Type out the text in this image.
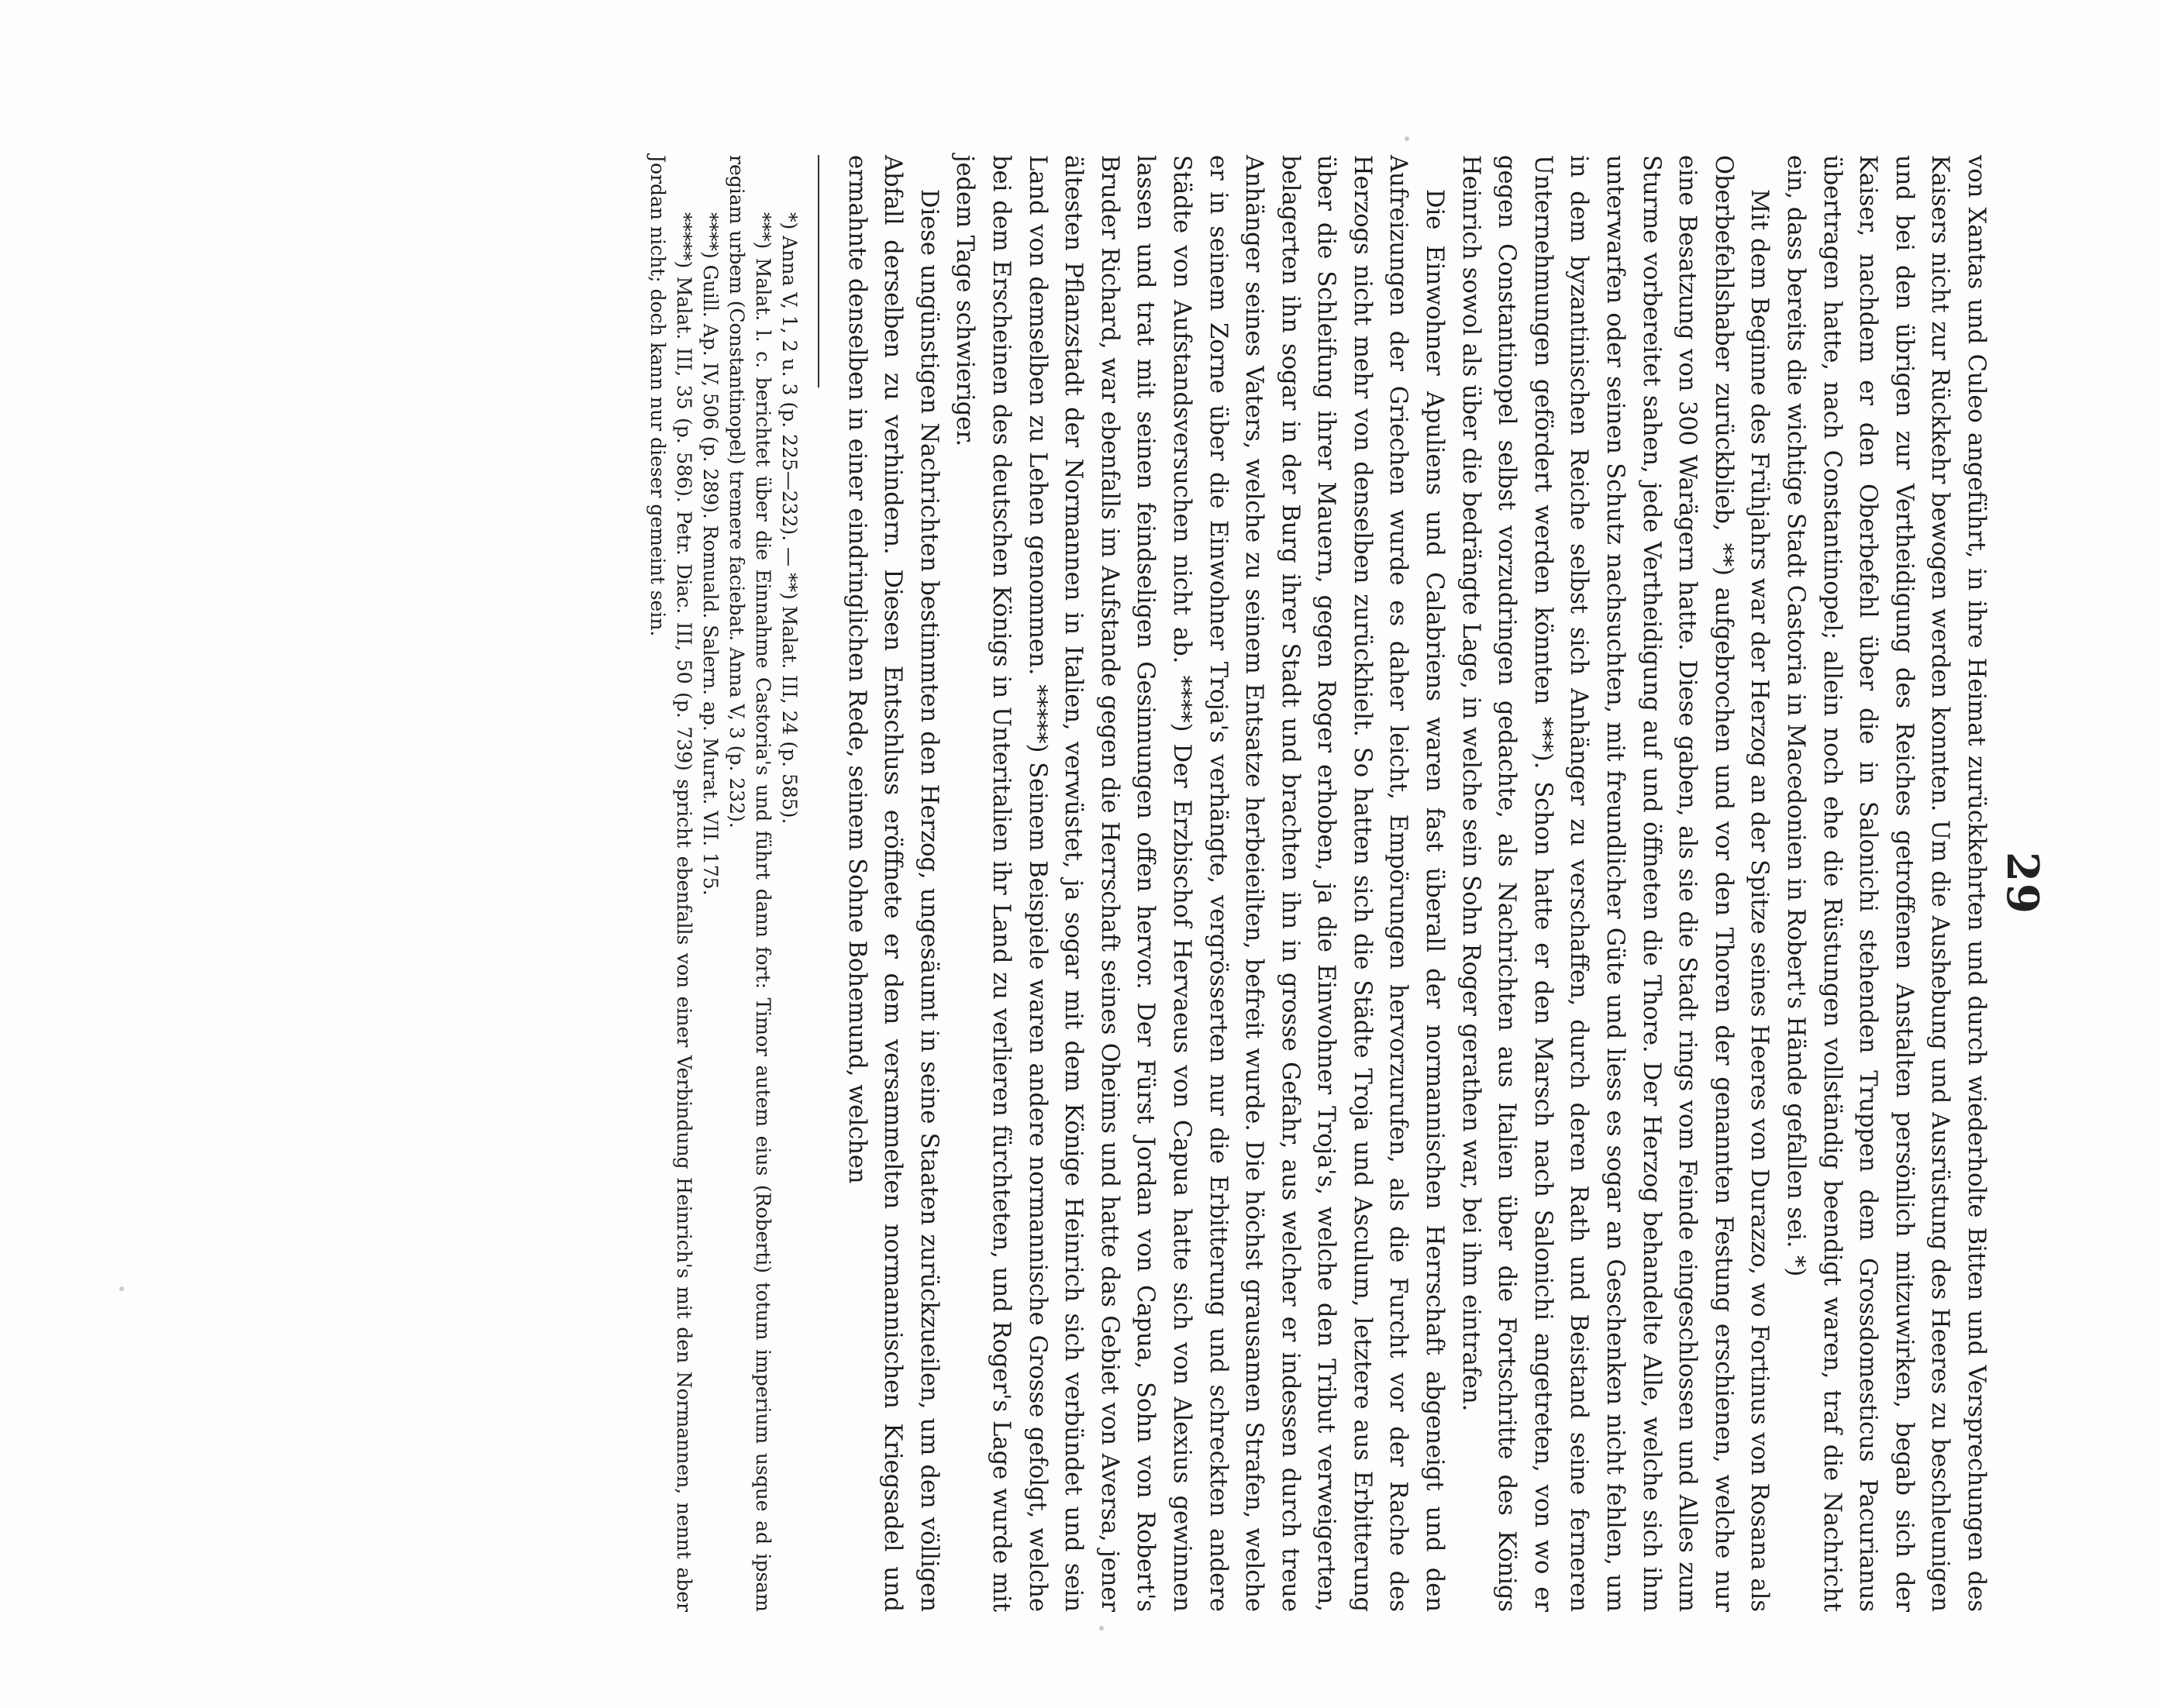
29

von Xantas und Culeo angeführt, in ihre Heimat zurückkehrten und durch wiederholte Bitten und Versprechungen des Kaisers nicht zur Rückkehr bewogen werden konnten. Um die Aushebung und Ausrüstung des Heeres zu beschleunigen und bei den übrigen zur Vertheidigung des Reiches getroffenen Anstalten persönlich mitzuwirken, begab sich der Kaiser, nachdem er den Oberbefehl über die in Salonichi stehenden Truppen dem Grossdomesticus Pacurianus übertragen hatte, nach Constantinopel; allein noch ehe die Rüstungen vollständig beendigt waren, traf die Nachricht ein, dass bereits die wichtige Stadt Castoria in Macedonien in Robert's Hände gefallen sei. *)

Mit dem Beginne des Frühjahrs war der Herzog an der Spitze seines Heeres von Durazzo, wo Fortinus von Rosana als Oberbefehlshaber zurückblieb, **) aufgebrochen und vor den Thoren der genannten Festung erschienen, welche nur eine Besatzung von 300 Warägern hatte. Diese gaben, als sie die Stadt rings vom Feinde eingeschlossen und Alles zum Sturme vorbereitet sahen, jede Vertheidigung auf und öffneten die Thore. Der Herzog behandelte Alle, welche sich ihm unterwarfen oder seinen Schutz nachsuchten, mit freundlicher Güte und liess es sogar an Geschenken nicht fehlen, um in dem byzantinischen Reiche selbst sich Anhänger zu verschaffen, durch deren Rath und Beistand seine ferneren Unternehmungen gefördert werden könnten ***). Schon hatte er den Marsch nach Salonichi angetreten, von wo er gegen Constantinopel selbst vorzudringen gedachte, als Nachrichten aus Italien über die Fortschritte des Königs Heinrich sowol als über die bedrängte Lage, in welche sein Sohn Roger gerathen war, bei ihm eintrafen.

Die Einwohner Apuliens und Calabriens waren fast überall der normannischen Herrschaft abgeneigt und den Aufreizungen der Griechen wurde es daher leicht, Empörungen hervorzurufen, als die Furcht vor der Rache des Herzogs nicht mehr von denselben zurückhielt. So hatten sich die Städte Troja und Asculum, letztere aus Erbitterung über die Schleifung ihrer Mauern, gegen Roger erhoben, ja die Einwohner Troja's, welche den Tribut verweigerten, belagerten ihn sogar in der Burg ihrer Stadt und brachten ihn in grosse Gefahr, aus welcher er indessen durch treue Anhänger seines Vaters, welche zu seinem Entsatze herbeieilten, befreit wurde. Die höchst grausamen Strafen, welche er in seinem Zorne über die Einwohner Troja's verhängte, vergrösserten nur die Erbitterung und schreckten andere Städte von Aufstandsversuchen nicht ab. ****) Der Erzbischof Hervaeus von Capua hatte sich von Alexius gewinnen lassen und trat mit seinen feindseligen Gesinnungen offen hervor. Der Fürst Jordan von Capua, Sohn von Robert's Bruder Richard, war ebenfalls im Aufstande gegen die Herrschaft seines Oheims und hatte das Gebiet von Aversa, jener ältesten Pflanzstadt der Normannen in Italien, verwüstet, ja sogar mit dem Könige Heinrich sich verbündet und sein Land von demselben zu Lehen genommen. *****) Seinem Beispiele waren andere normannische Grosse gefolgt, welche bei dem Erscheinen des deutschen Königs in Unteritalien ihr Land zu verlieren fürchteten, und Roger's Lage wurde mit jedem Tage schwieriger.

Diese ungünstigen Nachrichten bestimmten den Herzog, ungesäumt in seine Staaten zurückzueilen, um den völligen Abfall derselben zu verhindern. Diesen Entschluss eröffnete er dem versammelten normannischen Kriegsadel und ermahnte denselben in einer eindringlichen Rede, seinem Sohne Bohemund, welchen

*) Anna V, 1, 2 u. 3 (p. 225—232). — **) Malat. III, 24 (p. 585).

***) Malat. l. c. berichtet über die Einnahme Castoria's und führt dann fort: Timor autem eius (Roberti) totum imperium usque ad ipsam regiam urbem (Constantinopel) tremere faciebat. Anna V, 3 (p. 232).

****) Guill. Ap. IV, 506 (p. 289). Romuald. Salern. ap. Murat. VII. 175.

*****) Malat. III, 35 (p. 586). Petr. Diac. III, 50 (p. 739) spricht ebenfalls von einer Verbindung Heinrich's mit den Normannen, nennt aber Jordan nicht; doch kann nur dieser gemeint sein.
